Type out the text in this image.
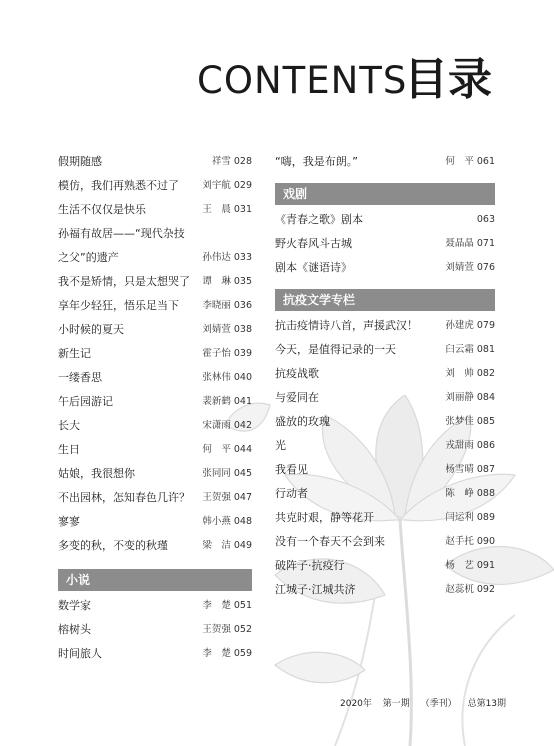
CONTENTS
目录
假期随感	祥雪 028
模仿，我们再熟悉不过了 刘宇航 029
生活不仅仅是快乐	王　晨 031
孙福有故居——“现代杂技
之父”的遗产	孙伟达 033
我不是矫情，只是太想哭了 谭　琳 035
享年少轻狂，悟乐足当下 李晓丽 036
小时候的夏天	刘婧萱 038
新生记	霍子怡 039
一缕香思	张林伟 040
午后园游记	裴新鹤 041
长大	宋潇雨 042
生日	何　平 044
姑娘，我很想你	张同同 045
不出园林，怎知春色几许？ 王贺强 047
寥寥	韩小燕 048
多变的秋，不变的秋瑾	梁　洁 049
小说
数学家	李　楚 051
榕树头	王贺强 052
时间旅人	李　楚 059
“嗨，我是布朗。”	何　平 061
戏剧
《青春之歌》剧本	063
野火春风斗古城	聂晶晶 071
剧本《谜语诗》	刘婧萱 076
抗疫文学专栏
抗击疫情诗八首，声援武汉！	孙建虎 079
今天，是值得记录的一天	臼云霜 081
抗疫战歌	刘　帅 082
与爱同在	刘丽静 084
盛放的玫瑰	张梦佳 085
光	戎甜雨 086
我看见	杨雪晴 087
行动者	陈　峥 088
共克时艰，静等花开	闫运利 089
没有一个春天不会到来	赵手托 090
破阵子·抗疫行	杨　艺 091
江城子·江城共济	赵蕊杌 092
2020年 第一期 （季刊） 总第13期
